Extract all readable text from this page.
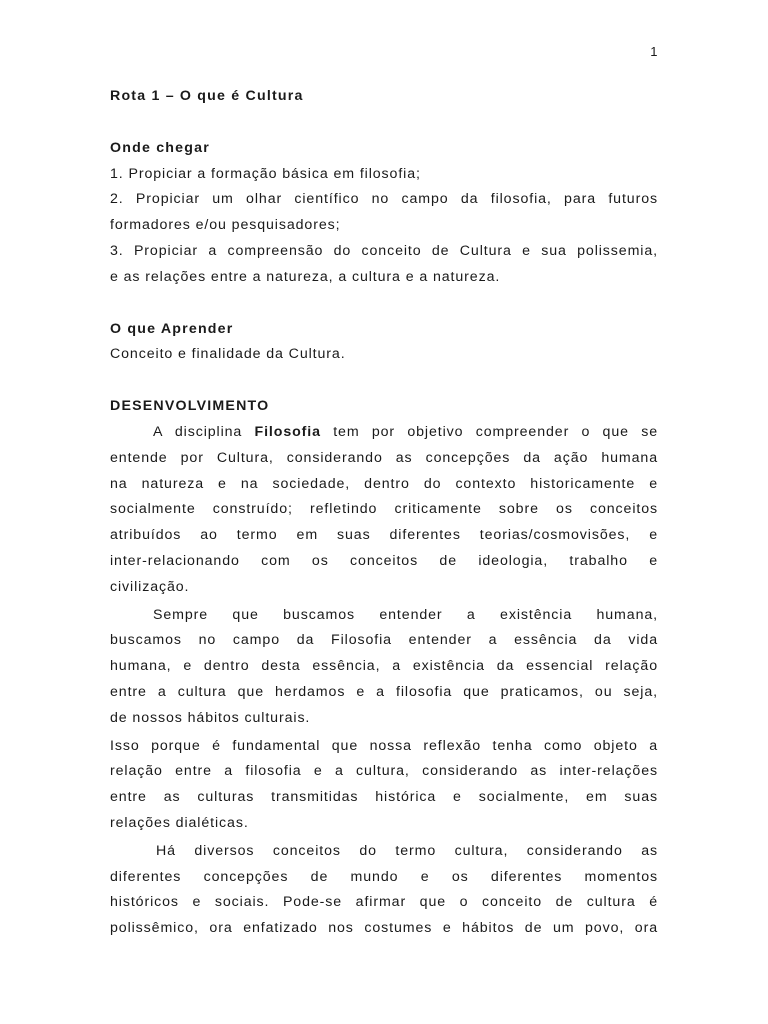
1

Rota 1 – O que é Cultura

Onde chegar

1. Propiciar a formação básica em filosofia;

2. Propiciar um olhar científico no campo da filosofia, para futuros

formadores e/ou pesquisadores;

3. Propiciar a compreensão do conceito de Cultura e sua polissemia,

e as relações entre a natureza, a cultura e a natureza.

O que Aprender

Conceito e finalidade da Cultura.

DESENVOLVIMENTO

A disciplina Filosofia tem por objetivo compreender o que se

entende por Cultura, considerando as concepções da ação humana

na natureza e na sociedade, dentro do contexto historicamente e

socialmente construído; refletindo criticamente sobre os conceitos

atribuídos ao termo em suas diferentes teorias/cosmovisões, e

inter-relacionando com os conceitos de ideologia, trabalho e

civilização.

Sempre que buscamos entender a existência humana,

buscamos no campo da Filosofia entender a essência da vida

humana, e dentro desta essência, a existência da essencial relação

entre a cultura que herdamos e a filosofia que praticamos, ou seja,

de nossos hábitos culturais.

Isso porque é fundamental que nossa reflexão tenha como objeto a

relação entre a filosofia e a cultura, considerando as inter-relações

entre as culturas transmitidas histórica e socialmente, em suas

relações dialéticas.

Há diversos conceitos do termo cultura, considerando as

diferentes concepções de mundo e os diferentes momentos

históricos e sociais. Pode-se afirmar que o conceito de cultura é

polissêmico, ora enfatizado nos costumes e hábitos de um povo, ora
